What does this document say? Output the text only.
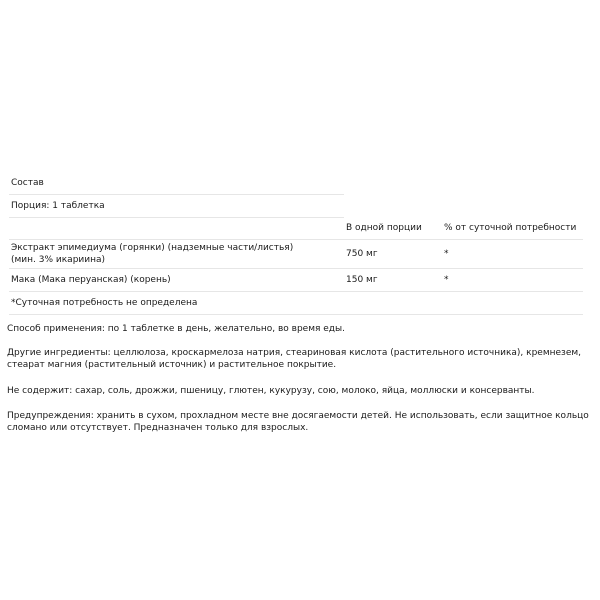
Состав		
Порция: 1 таблетка		
	В одной порции	% от суточной потребности

Экстракт эпимедиума (горянки) (надземные части/листья)
(мин. 3% икариина)	750 мг	*
Мака (Мака перуанская) (корень)	150 мг	*
*Суточная потребность не определена		

Способ применения: по 1 таблетке в день, желательно, во время еды.

Другие ингредиенты: целлюлоза, кроскармелоза натрия, стеариновая кислота (растительного источника), кремнезем,
стеарат магния (растительный источник) и растительное покрытие.

Не содержит: сахар, соль, дрожжи, пшеницу, глютен, кукурузу, сою, молоко, яйца, моллюски и консерванты.

Предупреждения: хранить в сухом, прохладном месте вне досягаемости детей. Не использовать, если защитное кольцо
сломано или отсутствует. Предназначен только для взрослых.
